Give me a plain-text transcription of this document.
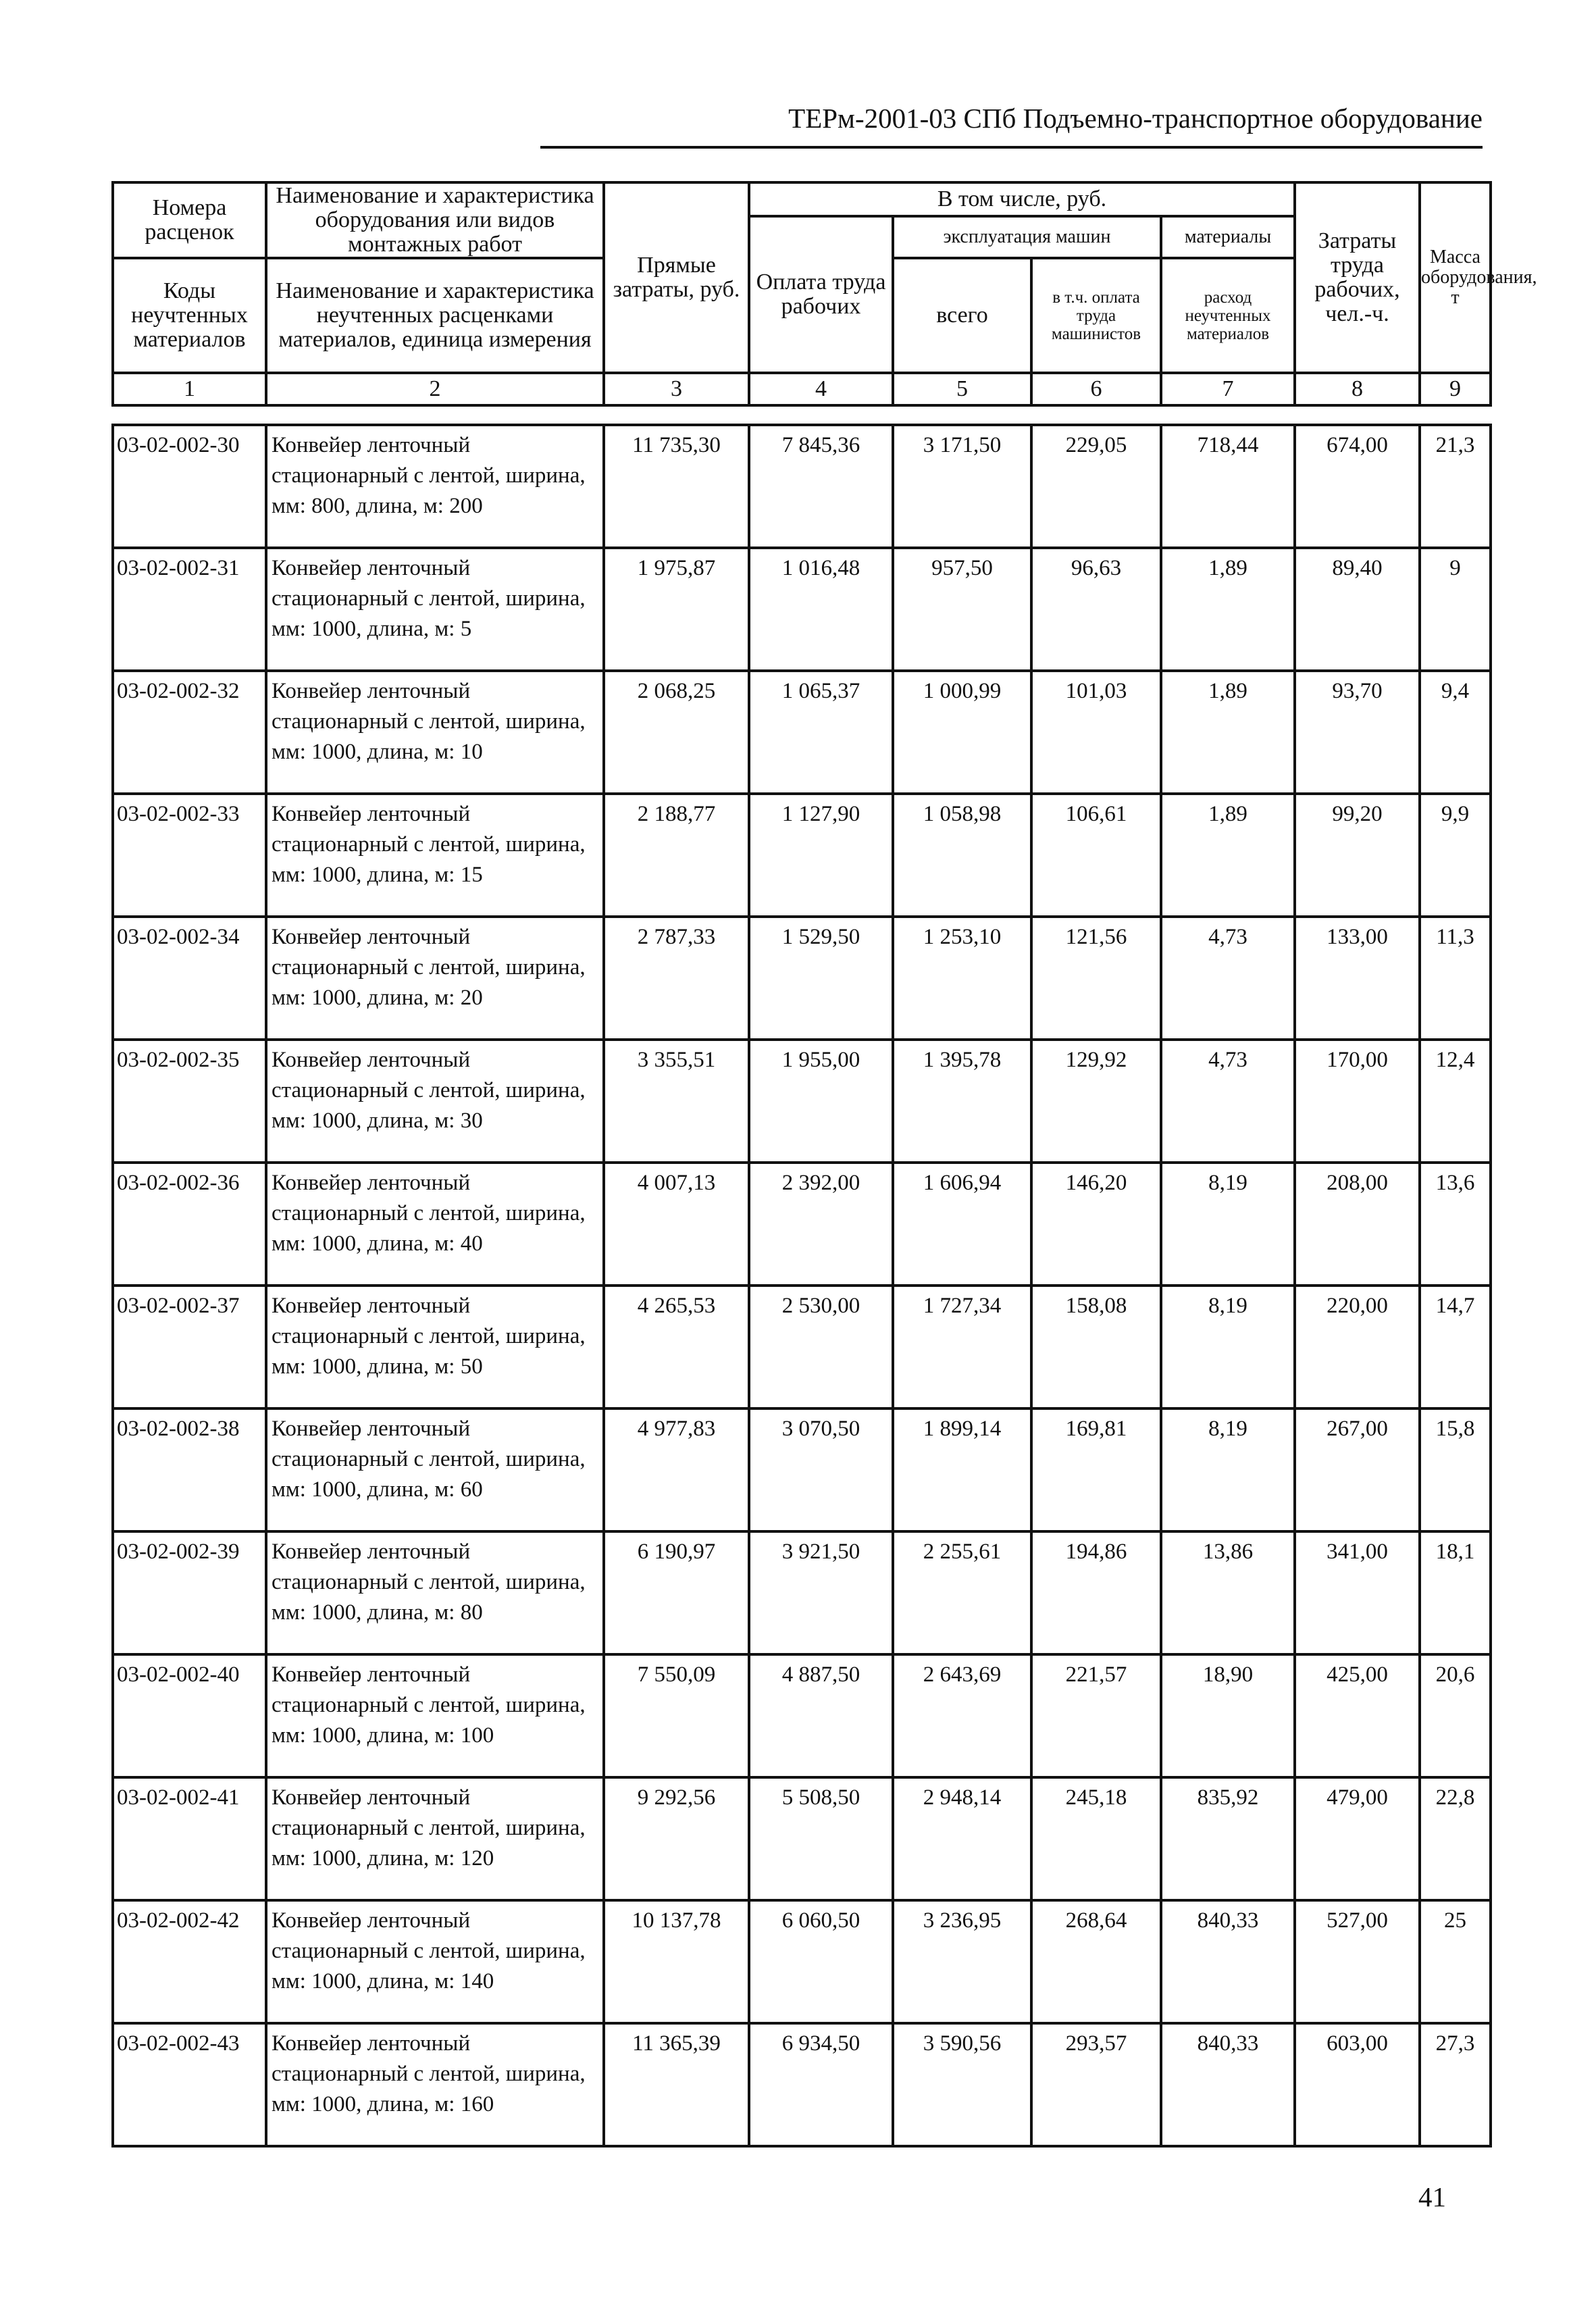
ТЕРм-2001-03 СПб Подъемно-транспортное оборудование
Номера расценок	Наименование и характеристика оборудования или видов монтажных работ	Прямые затраты, руб.	В том числе, руб.				Затраты труда рабочих, чел.-ч.	Масса оборудования, т
			Оплата труда рабочих	эксплуатация машин		материалы		
Коды неучтенных материалов	Наименование и характеристика неучтенных расценками материалов, единица измерения			всего	в т.ч. оплата труда машинистов	расход неучтенных материалов		

1	2	3	4	5	6	7	8	9
03-02-002-30	Конвейер ленточный стационарный с лентой, ширина, мм: 800, длина, м: 200	11 735,30	7 845,36	3 171,50	229,05	718,44	674,00	21,3
03-02-002-31	Конвейер ленточный стационарный с лентой, ширина, мм: 1000, длина, м: 5	1 975,87	1 016,48	957,50	96,63	1,89	89,40	9
03-02-002-32	Конвейер ленточный стационарный с лентой, ширина, мм: 1000, длина, м: 10	2 068,25	1 065,37	1 000,99	101,03	1,89	93,70	9,4
03-02-002-33	Конвейер ленточный стационарный с лентой, ширина, мм: 1000, длина, м: 15	2 188,77	1 127,90	1 058,98	106,61	1,89	99,20	9,9
03-02-002-34	Конвейер ленточный стационарный с лентой, ширина, мм: 1000, длина, м: 20	2 787,33	1 529,50	1 253,10	121,56	4,73	133,00	11,3
03-02-002-35	Конвейер ленточный стационарный с лентой, ширина, мм: 1000, длина, м: 30	3 355,51	1 955,00	1 395,78	129,92	4,73	170,00	12,4
03-02-002-36	Конвейер ленточный стационарный с лентой, ширина, мм: 1000, длина, м: 40	4 007,13	2 392,00	1 606,94	146,20	8,19	208,00	13,6
03-02-002-37	Конвейер ленточный стационарный с лентой, ширина, мм: 1000, длина, м: 50	4 265,53	2 530,00	1 727,34	158,08	8,19	220,00	14,7
03-02-002-38	Конвейер ленточный стационарный с лентой, ширина, мм: 1000, длина, м: 60	4 977,83	3 070,50	1 899,14	169,81	8,19	267,00	15,8
03-02-002-39	Конвейер ленточный стационарный с лентой, ширина, мм: 1000, длина, м: 80	6 190,97	3 921,50	2 255,61	194,86	13,86	341,00	18,1
03-02-002-40	Конвейер ленточный стационарный с лентой, ширина, мм: 1000, длина, м: 100	7 550,09	4 887,50	2 643,69	221,57	18,90	425,00	20,6
03-02-002-41	Конвейер ленточный стационарный с лентой, ширина, мм: 1000, длина, м: 120	9 292,56	5 508,50	2 948,14	245,18	835,92	479,00	22,8
03-02-002-42	Конвейер ленточный стационарный с лентой, ширина, мм: 1000, длина, м: 140	10 137,78	6 060,50	3 236,95	268,64	840,33	527,00	25
03-02-002-43	Конвейер ленточный стационарный с лентой, ширина, мм: 1000, длина, м: 160	11 365,39	6 934,50	3 590,56	293,57	840,33	603,00	27,3
41
